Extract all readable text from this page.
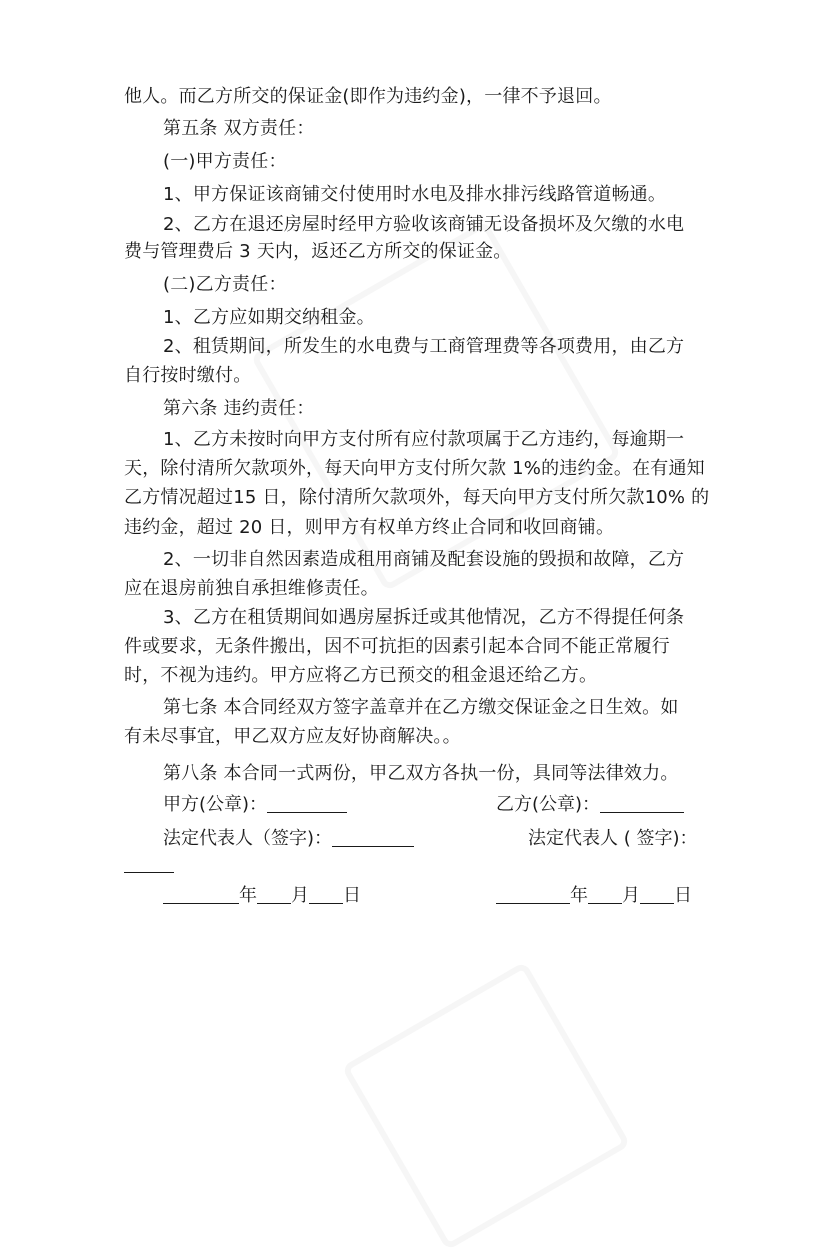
他人。而乙方所交的保证金(即作为违约金)，一律不予退回。
第五条 双方责任：
(一)甲方责任：
1、甲方保证该商铺交付使用时水电及排水排污线路管道畅通。
2、乙方在退还房屋时经甲方验收该商铺无设备损坏及欠缴的水电
费与管理费后 3 天内，返还乙方所交的保证金。
(二)乙方责任：
1、乙方应如期交纳租金。
2、租赁期间，所发生的水电费与工商管理费等各项费用，由乙方
自行按时缴付。
第六条 违约责任：
1、乙方未按时向甲方支付所有应付款项属于乙方违约，每逾期一
天，除付清所欠款项外，每天向甲方支付所欠款 1%的违约金。在有通知
乙方情况超过15 日，除付清所欠款项外，每天向甲方支付所欠款10% 的
违约金，超过 20 日，则甲方有权单方终止合同和收回商铺。
2、一切非自然因素造成租用商铺及配套设施的毁损和故障，乙方
应在退房前独自承担维修责任。
3、乙方在租赁期间如遇房屋拆迁或其他情况，乙方不得提任何条
件或要求，无条件搬出，因不可抗拒的因素引起本合同不能正常履行
时，不视为违约。甲方应将乙方已预交的租金退还给乙方。
第七条 本合同经双方签字盖章并在乙方缴交保证金之日生效。如
有未尽事宜，甲乙双方应友好协商解决。。
第八条 本合同一式两份，甲乙双方各执一份，具同等法律效力。
甲方(公章)：	乙方(公章)：
法定代表人（签字)：	法定代表人 ( 签字)：
年 月 日	年 月 日
